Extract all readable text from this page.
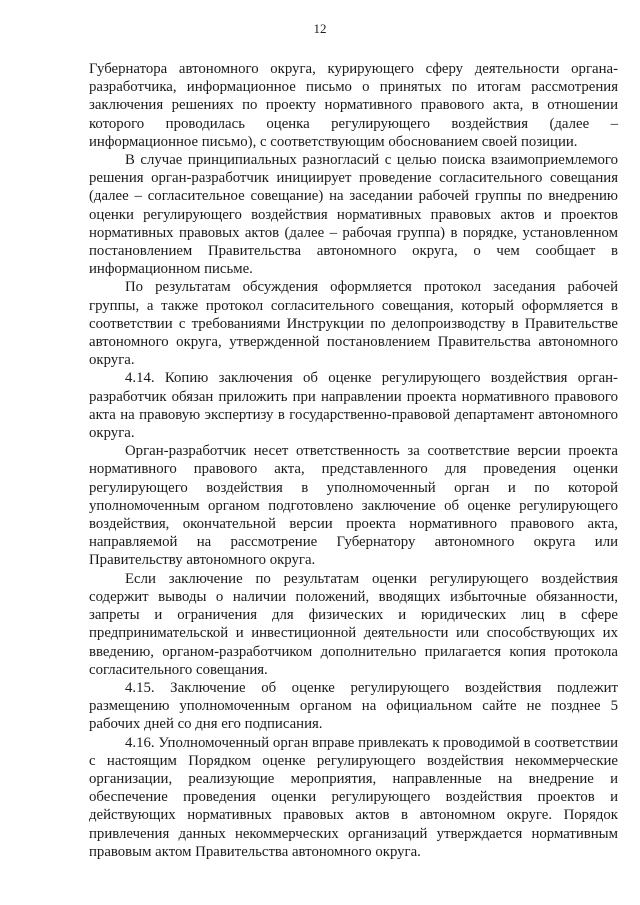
12

Губернатора автономного округа, курирующего сферу деятельности органа-разработчика, информационное письмо о принятых по итогам рассмотрения заключения решениях по проекту нормативного правового акта, в отношении которого проводилась оценка регулирующего воздействия (далее – информационное письмо), с соответствующим обоснованием своей позиции.

В случае принципиальных разногласий с целью поиска взаимоприемлемого решения орган-разработчик инициирует проведение согласительного совещания (далее – согласительное совещание) на заседании рабочей группы по внедрению оценки регулирующего воздействия нормативных правовых актов и проектов нормативных правовых актов (далее – рабочая группа) в порядке, установленном постановлением Правительства автономного округа, о чем сообщает в информационном письме.

По результатам обсуждения оформляется протокол заседания рабочей группы, а также протокол согласительного совещания, который оформляется в соответствии с требованиями Инструкции по делопроизводству в Правительстве автономного округа, утвержденной постановлением Правительства автономного округа.

4.14. Копию заключения об оценке регулирующего воздействия орган-разработчик обязан приложить при направлении проекта нормативного правового акта на правовую экспертизу в государственно-правовой департамент автономного округа.

Орган-разработчик несет ответственность за соответствие версии проекта нормативного правового акта, представленного для проведения оценки регулирующего воздействия в уполномоченный орган и по которой уполномоченным органом подготовлено заключение об оценке регулирующего воздействия, окончательной версии проекта нормативного правового акта, направляемой на рассмотрение Губернатору автономного округа или Правительству автономного округа.

Если заключение по результатам оценки регулирующего воздействия содержит выводы о наличии положений, вводящих избыточные обязанности, запреты и ограничения для физических и юридических лиц в сфере предпринимательской и инвестиционной деятельности или способствующих их введению, органом-разработчиком дополнительно прилагается копия протокола согласительного совещания.

4.15. Заключение об оценке регулирующего воздействия подлежит размещению уполномоченным органом на официальном сайте не позднее 5 рабочих дней со дня его подписания.

4.16. Уполномоченный орган вправе привлекать к проводимой в соответствии с настоящим Порядком оценке регулирующего воздействия некоммерческие организации, реализующие мероприятия, направленные на внедрение и обеспечение проведения оценки регулирующего воздействия проектов и действующих нормативных правовых актов в автономном округе. Порядок привлечения данных некоммерческих организаций утверждается нормативным правовым актом Правительства автономного округа.
